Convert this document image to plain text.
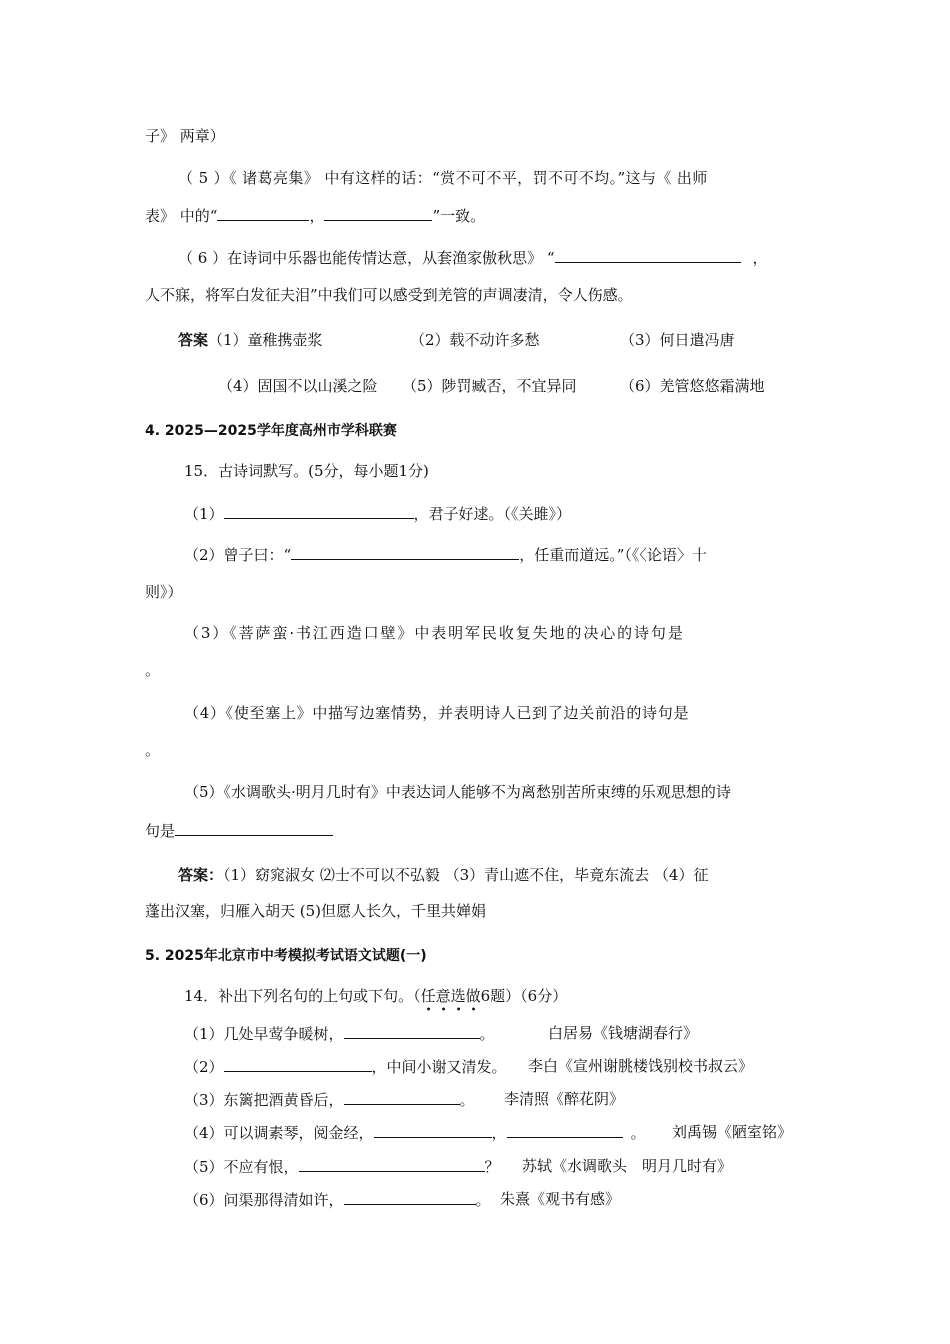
子》 两章）
（ 5 ）《 诸葛亮集》 中有这样的话：“赏不可不平，罚不可不均。”这与《 出师
表》 中的“	，	”一致。
（ 6 ）在诗词中乐器也能传情达意，从套渔家傲秋思》 “	，
人不寐，将军白发征夫泪”中我们可以感受到羌管的声调凄清，令人伤感。
答案（1）童稚携壶浆	（2）载不动许多愁	（3）何日遣冯唐
（4）固国不以山溪之险 （5）陟罚臧否，不宜异同	（6）羌管悠悠霜满地
4. 2025—2025学年度高州市学科联赛
15．古诗词默写。(5分，每小题1分)
（1）	，君子好逑。（《关雎》）
（2）曾子曰：“	，任重而道远。”（《〈论语〉十
则》）
（3）《菩萨蛮·书江西造口壁》中表明军民收复失地的决心的诗句是
。
（4）《使至塞上》中描写边塞情势，并表明诗人已到了边关前沿的诗句是
。
（5）《水调歌头·明月几时有》中表达词人能够不为离愁别苦所束缚的乐观思想的诗
句是
答案：（1）窈窕淑女 ⑵士不可以不弘毅 （3）青山遮不住，毕竟东流去 （4）征
蓬出汉塞，归雁入胡天 (5)但愿人长久，千里共婵娟
5. 2025年北京市中考模拟考试语文试题(一)
14．补出下列名句的上句或下句。（任意选做
• • • •
6题）（6分）
（1）几处早莺争暖树，	。	白居易《钱塘湖春行》
（2）	，中间小谢又清发。 李白《宣州谢朓楼饯别校书叔云》
（3）东篱把酒黄昏后，	。 李清照《醉花阴》
（4）可以调素琴，阅金经，	，	。 刘禹锡《陋室铭》
（5）不应有恨，	？ 苏轼《水调歌头　明月几时有》
（6）问渠那得清如许，	。 朱熹《观书有感》
